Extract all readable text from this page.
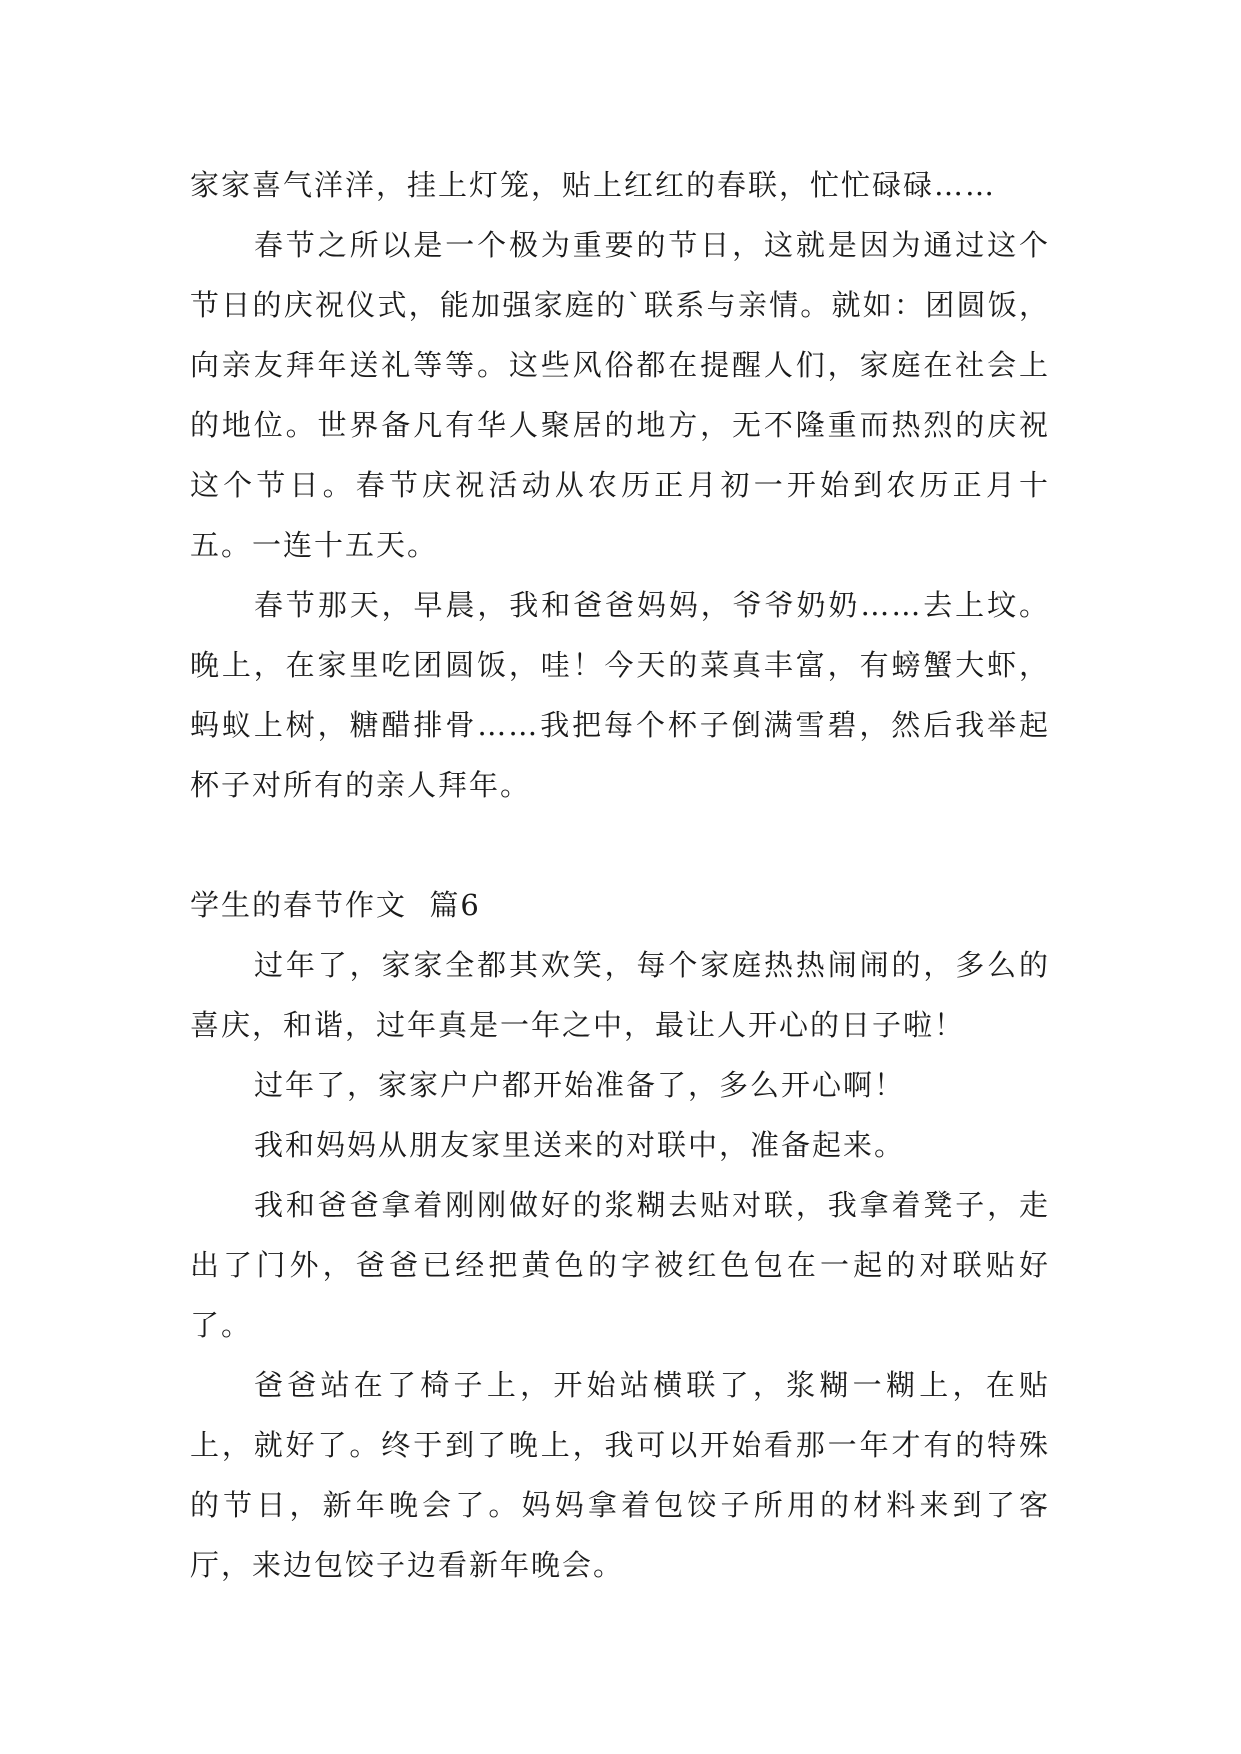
家家喜气洋洋，挂上灯笼，贴上红红的春联，忙忙碌碌……

春节之所以是一个极为重要的节日，这就是因为通过这个节日的庆祝仪式，能加强家庭的`联系与亲情。就如：团圆饭，向亲友拜年送礼等等。这些风俗都在提醒人们，家庭在社会上的地位。世界备凡有华人聚居的地方，无不隆重而热烈的庆祝这个节日。春节庆祝活动从农历正月初一开始到农历正月十五。一连十五天。

春节那天，早晨，我和爸爸妈妈，爷爷奶奶……去上坟。晚上，在家里吃团圆饭，哇！今天的菜真丰富，有螃蟹大虾，蚂蚁上树，糖醋排骨……我把每个杯子倒满雪碧，然后我举起杯子对所有的亲人拜年。

学生的春节作文  篇6

过年了，家家全都其欢笑，每个家庭热热闹闹的，多么的喜庆，和谐，过年真是一年之中，最让人开心的日子啦！

过年了，家家户户都开始准备了，多么开心啊！

我和妈妈从朋友家里送来的对联中，准备起来。

我和爸爸拿着刚刚做好的浆糊去贴对联，我拿着凳子，走出了门外，爸爸已经把黄色的字被红色包在一起的对联贴好了。

爸爸站在了椅子上，开始站横联了，浆糊一糊上，在贴上，就好了。终于到了晚上，我可以开始看那一年才有的特殊的节日，新年晚会了。妈妈拿着包饺子所用的材料来到了客厅，来边包饺子边看新年晚会。
